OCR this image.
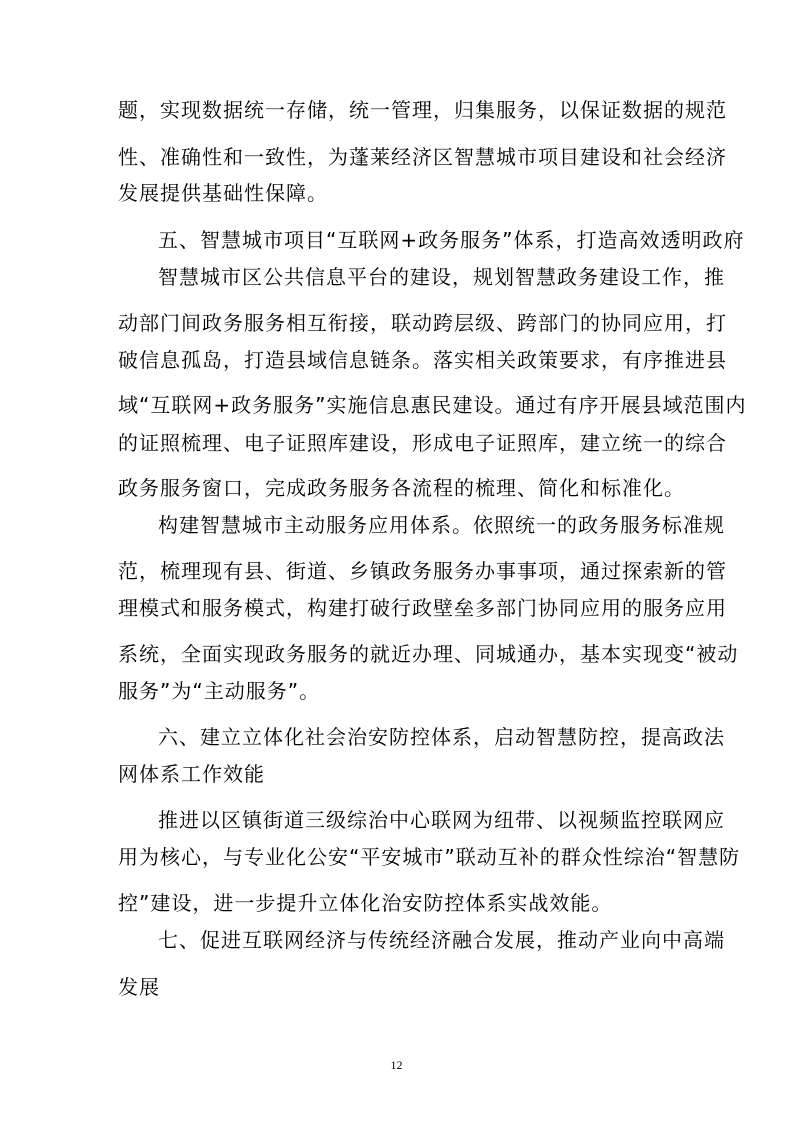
题，实现数据统一存储，统一管理，归集服务，以保证数据的规范
性、准确性和一致性，为蓬莱经济区智慧城市项目建设和社会经济
发展提供基础性保障。
五、智慧城市项目“互联网+政务服务”体系，打造高效透明政府
智慧城市区公共信息平台的建设，规划智慧政务建设工作，推
动部门间政务服务相互衔接，联动跨层级、跨部门的协同应用，打
破信息孤岛，打造县域信息链条。落实相关政策要求，有序推进县
域“互联网+政务服务”实施信息惠民建设。通过有序开展县域范围内
的证照梳理、电子证照库建设，形成电子证照库，建立统一的综合
政务服务窗口，完成政务服务各流程的梳理、简化和标准化。
构建智慧城市主动服务应用体系。依照统一的政务服务标准规
范，梳理现有县、街道、乡镇政务服务办事事项，通过探索新的管
理模式和服务模式，构建打破行政壁垒多部门协同应用的服务应用
系统，全面实现政务服务的就近办理、同城通办，基本实现变“被动
服务”为“主动服务”。
六、建立立体化社会治安防控体系，启动智慧防控，提高政法
网体系工作效能
推进以区镇街道三级综治中心联网为纽带、以视频监控联网应
用为核心，与专业化公安“平安城市”联动互补的群众性综治“智慧防
控”建设，进一步提升立体化治安防控体系实战效能。
七、促进互联网经济与传统经济融合发展，推动产业向中高端
发展
12
